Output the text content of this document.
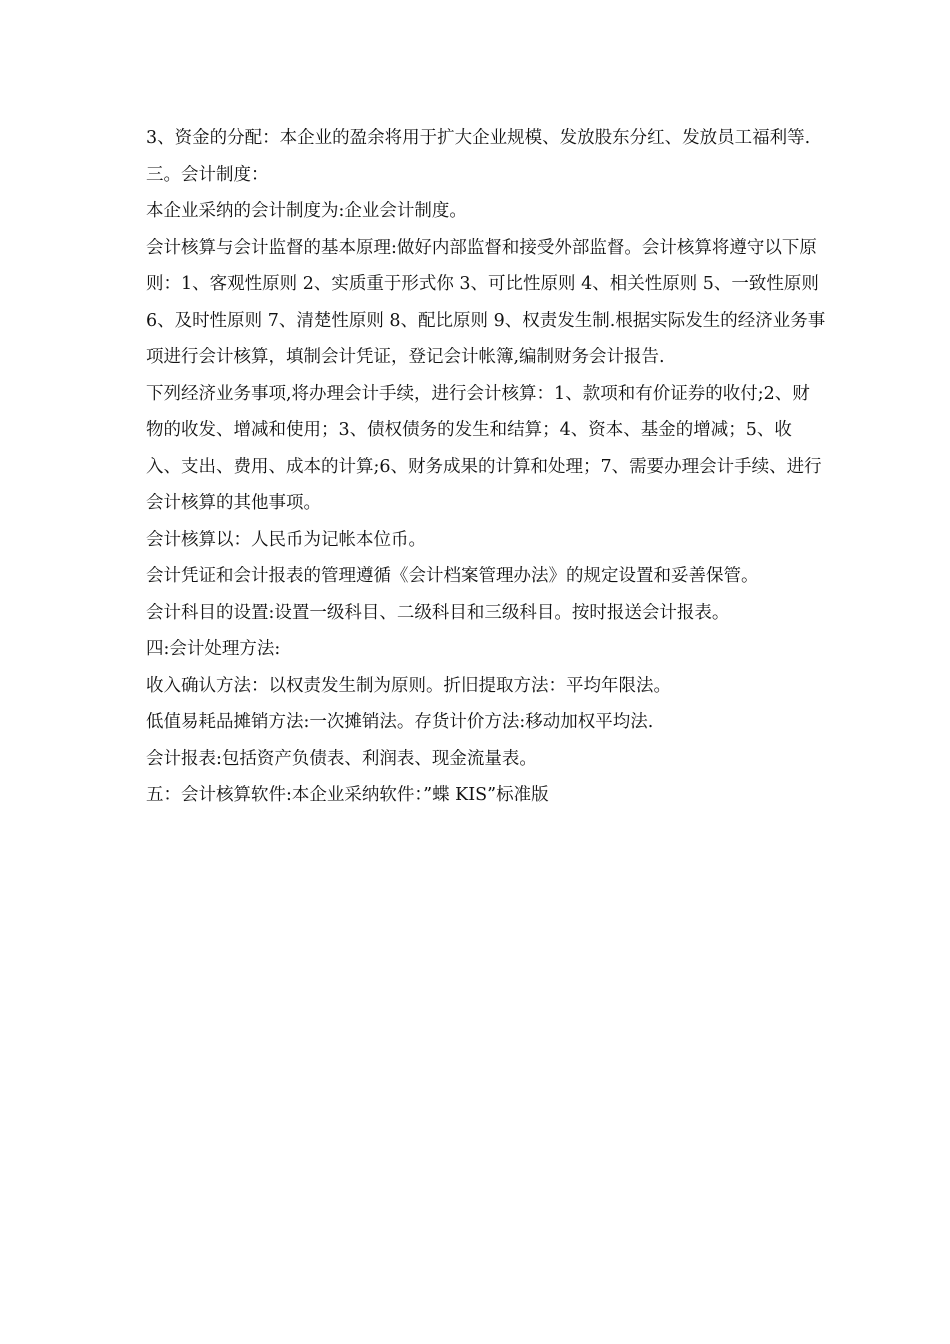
3、资金的分配：本企业的盈余将用于扩大企业规模、发放股东分红、发放员工福利等.

三。会计制度：

本企业采纳的会计制度为:企业会计制度。

会计核算与会计监督的基本原理:做好内部监督和接受外部监督。会计核算将遵守以下原则：1、客观性原则 2、实质重于形式你 3、可比性原则 4、相关性原则 5、一致性原则 6、及时性原则 7、清楚性原则 8、配比原则 9、权责发生制.根据实际发生的经济业务事项进行会计核算，填制会计凭证，登记会计帐簿,编制财务会计报告.

下列经济业务事项,将办理会计手续，进行会计核算：1、款项和有价证券的收付;2、财物的收发、增减和使用；3、债权债务的发生和结算；4、资本、基金的增减；5、收入、支出、费用、成本的计算;6、财务成果的计算和处理；7、需要办理会计手续、进行会计核算的其他事项。

会计核算以：人民币为记帐本位币。

会计凭证和会计报表的管理遵循《会计档案管理办法》的规定设置和妥善保管。

会计科目的设置:设置一级科目、二级科目和三级科目。按时报送会计报表。

四:会计处理方法:

收入确认方法：以权责发生制为原则。折旧提取方法：平均年限法。

低值易耗品摊销方法:一次摊销法。存货计价方法:移动加权平均法.

会计报表:包括资产负债表、利润表、现金流量表。

五：会计核算软件:本企业采纳软件：”蝶 KIS”标准版
